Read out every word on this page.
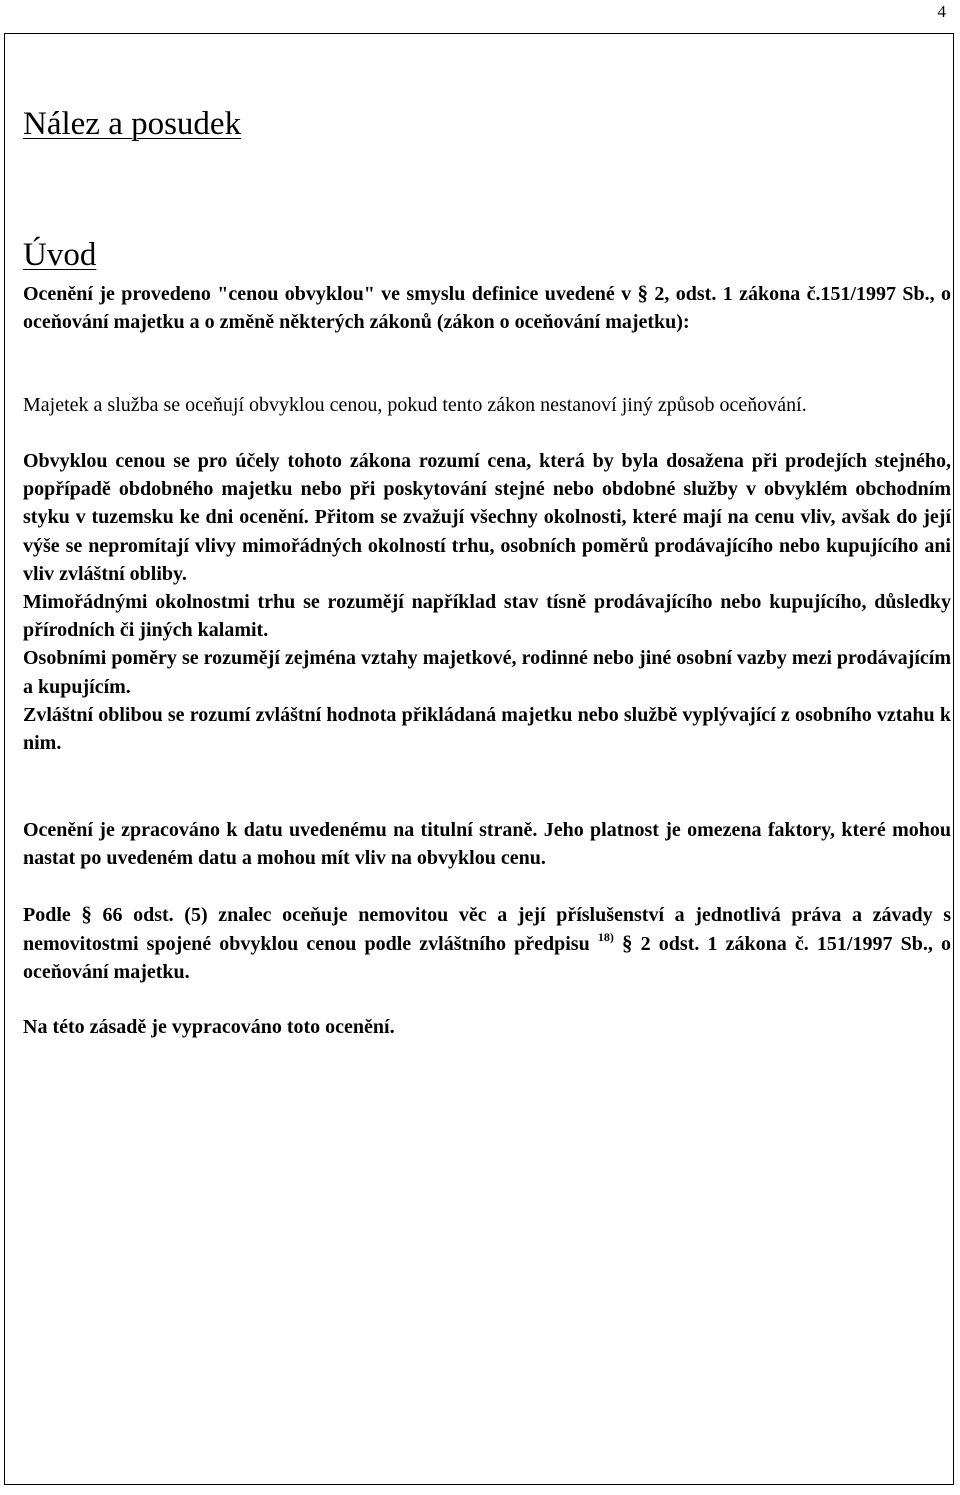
4
Nález a posudek
Úvod

Ocenění je provedeno "cenou obvyklou" ve smyslu definice uvedené v § 2, odst. 1 zákona č.151/1997 Sb., o oceňování majetku a o změně některých zákonů (zákon o oceňování majetku):

Majetek a služba se oceňují obvyklou cenou, pokud tento zákon nestanoví jiný způsob oceňování.

Obvyklou cenou se pro účely tohoto zákona rozumí cena, která by byla dosažena při prodejích stejného, popřípadě obdobného majetku nebo při poskytování stejné nebo obdobné služby v obvyklém obchodním styku v tuzemsku ke dni ocenění. Přitom se zvažují všechny okolnosti, které mají na cenu vliv, avšak do její výše se nepromítají vlivy mimořádných okolností trhu, osobních poměrů prodávajícího nebo kupujícího ani vliv zvláštní obliby.
Mimořádnými okolnostmi trhu se rozumějí například stav tísně prodávajícího nebo kupujícího, důsledky přírodních či jiných kalamit.
Osobními poměry se rozumějí zejména vztahy majetkové, rodinné nebo jiné osobní vazby mezi prodávajícím a kupujícím.
Zvláštní oblibou se rozumí zvláštní hodnota přikládaná majetku nebo službě vyplývající z osobního vztahu k nim.

Ocenění je zpracováno k datu uvedenému na titulní straně. Jeho platnost je omezena faktory, které mohou nastat po uvedeném datu a mohou mít vliv na obvyklou cenu.

Podle § 66 odst. (5) znalec oceňuje nemovitou věc a její příslušenství a jednotlivá práva a závady s nemovitostmi spojené obvyklou cenou podle zvláštního předpisu $^{18)}$ § 2 odst. 1 zákona č. 151/1997 Sb., o oceňování majetku.

Na této zásadě je vypracováno toto ocenění.
